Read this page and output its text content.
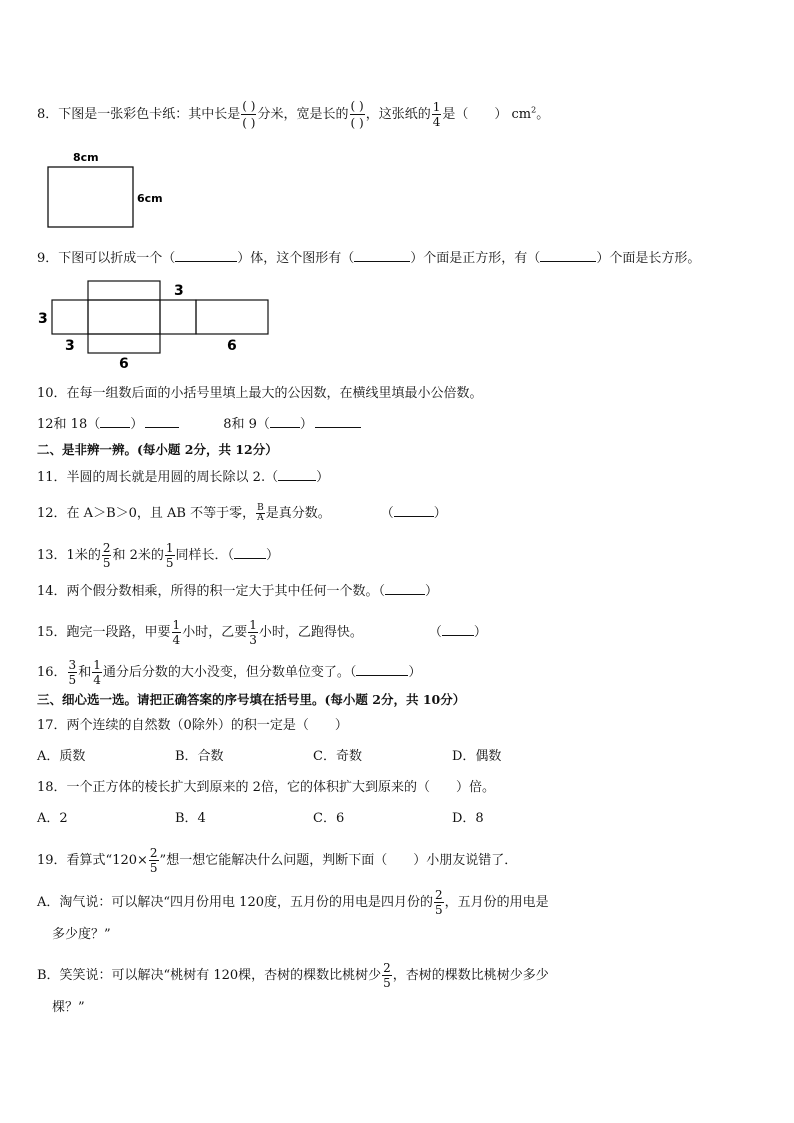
8．下图是一张彩色卡纸：其中长是 $\frac{( )}{( )}$ 分米，宽是长的 $\frac{( )}{( )}$ ，这张纸的 $\frac{1}{4}$ 是（　　） $cm^2$。
8cm
6cm
9．下图可以折成一个（	）体，这个图形有（	）个面是正方形，有（	）个面是长方形。
3
3
3
6
6
10．在每一组数后面的小括号里填上最大的公因数，在横线里填最小公倍数。
12和 18（ ）	8和 9（ ）
二、是非辨一辨。(每小题 2分，共 12分）
11．半圆的周长就是用圆的周长除以 2.（	）
12．在 A＞B＞0，且 AB 不等于零， $\frac{B}{A}$ 是真分数。	（	）
13．1米的 $\frac{2}{5}$ 和 2米的 $\frac{1}{5}$ 同样长．（ ）
14．两个假分数相乘，所得的积一定大于其中任何一个数。（	）
15．跑完一段路，甲要 $\frac{1}{4}$ 小时，乙要 $\frac{1}{3}$ 小时，乙跑得快。	（ ）
16． $\frac{3}{5}$ 和 $\frac{1}{4}$ 通分后分数的大小没变，但分数单位变了。（	）
三、细心选一选。请把正确答案的序号填在括号里。(每小题 2分，共 10分）
17．两个连续的自然数（0除外）的积一定是（　　）
A．质数	B．合数	C．奇数	D．偶数
18．一个正方体的棱长扩大到原来的 2倍，它的体积扩大到原来的（　　）倍。
A．2	B．4	C．6	D．8
19．看算式“$120\times \frac{2}{5}$ ”想一想它能解决什么问题，判断下面（　　）小朋友说错了．
A．淘气说：可以解决“四月份用电 120度，五月份的用电是四月份的 $\frac{2}{5}$ ，五月份的用电是
多少度？”
B．笑笑说：可以解决“桃树有 120棵，杏树的棵数比桃树少 $\frac{2}{5}$ ，杏树的棵数比桃树少多少
棵？”
